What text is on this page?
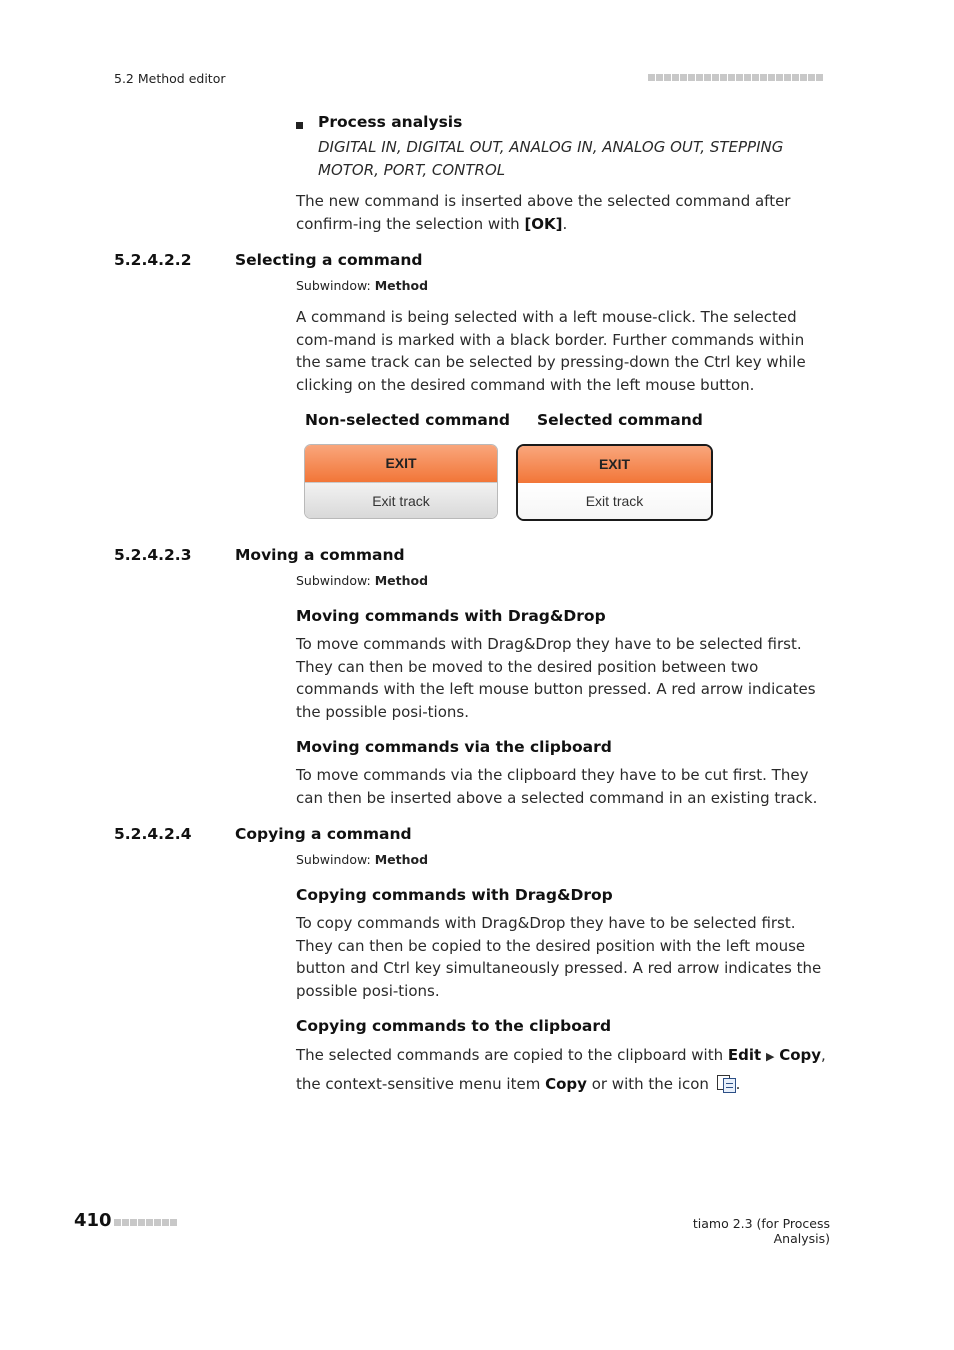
5.2 Method editor
Process analysis
DIGITAL IN, DIGITAL OUT, ANALOG IN, ANALOG OUT, STEPPING
MOTOR, PORT, CONTROL
The new command is inserted above the selected command after confirm-ing the selection with [OK].
5.2.4.2.2	Selecting a command
Subwindow: Method
A command is being selected with a left mouse-click. The selected com-mand is marked with a black border. Further commands within the same track can be selected by pressing-down the Ctrl key while clicking on the desired command with the left mouse button.
Non-selected command Selected command
EXIT
Exit track
EXIT
Exit track
5.2.4.2.3	Moving a command
Subwindow: Method
Moving commands with Drag&Drop
To move commands with Drag&Drop they have to be selected first. They can then be moved to the desired position between two commands with the left mouse button pressed. A red arrow indicates the possible posi-tions.
Moving commands via the clipboard
To move commands via the clipboard they have to be cut first. They can then be inserted above a selected command in an existing track.
5.2.4.2.4	Copying a command
Subwindow: Method
Copying commands with Drag&Drop
To copy commands with Drag&Drop they have to be selected first. They can then be copied to the desired position with the left mouse button and Ctrl key simultaneously pressed. A red arrow indicates the possible posi-tions.
Copying commands to the clipboard
The selected commands are copied to the clipboard with Edit ▶ Copy,
the context-sensitive menu item Copy or with the icon
.
410	tiamo 2.3 (for Process Analysis)
